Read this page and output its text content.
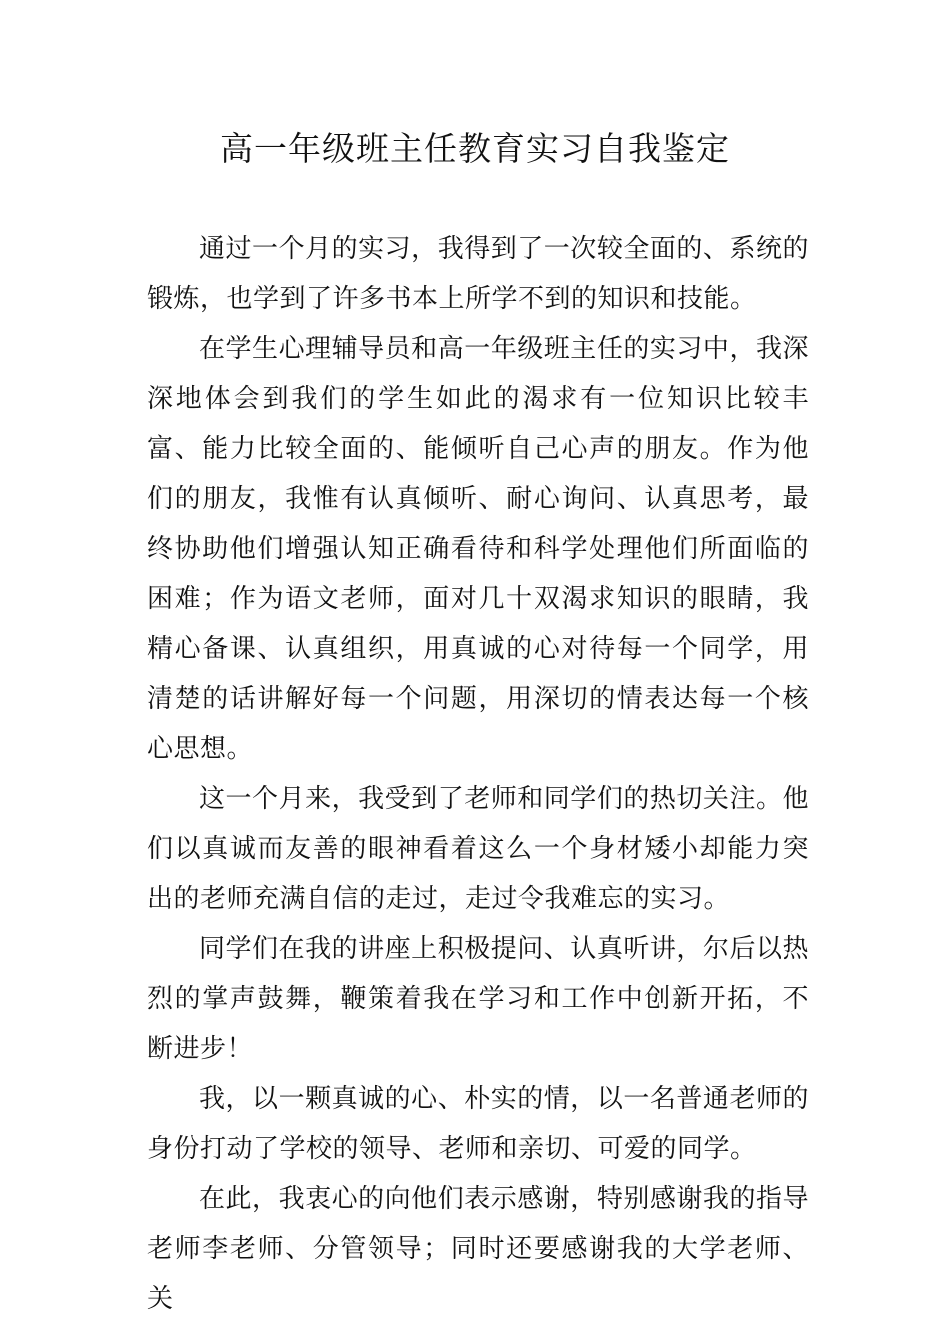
高一年级班主任教育实习自我鉴定

通过一个月的实习，我得到了一次较全面的、系统的锻炼，也学到了许多书本上所学不到的知识和技能。

在学生心理辅导员和高一年级班主任的实习中，我深深地体会到我们的学生如此的渴求有一位知识比较丰富、能力比较全面的、能倾听自己心声的朋友。作为他们的朋友，我惟有认真倾听、耐心询问、认真思考，最终协助他们增强认知正确看待和科学处理他们所面临的困难；作为语文老师，面对几十双渴求知识的眼睛，我精心备课、认真组织，用真诚的心对待每一个同学，用清楚的话讲解好每一个问题，用深切的情表达每一个核心思想。

这一个月来，我受到了老师和同学们的热切关注。他们以真诚而友善的眼神看着这么一个身材矮小却能力突出的老师充满自信的走过，走过令我难忘的实习。

同学们在我的讲座上积极提问、认真听讲，尔后以热烈的掌声鼓舞，鞭策着我在学习和工作中创新开拓，不断进步！

我，以一颗真诚的心、朴实的情，以一名普通老师的身份打动了学校的领导、老师和亲切、可爱的同学。

在此，我衷心的向他们表示感谢，特别感谢我的指导老师李老师、分管领导；同时还要感谢我的大学老师、关
